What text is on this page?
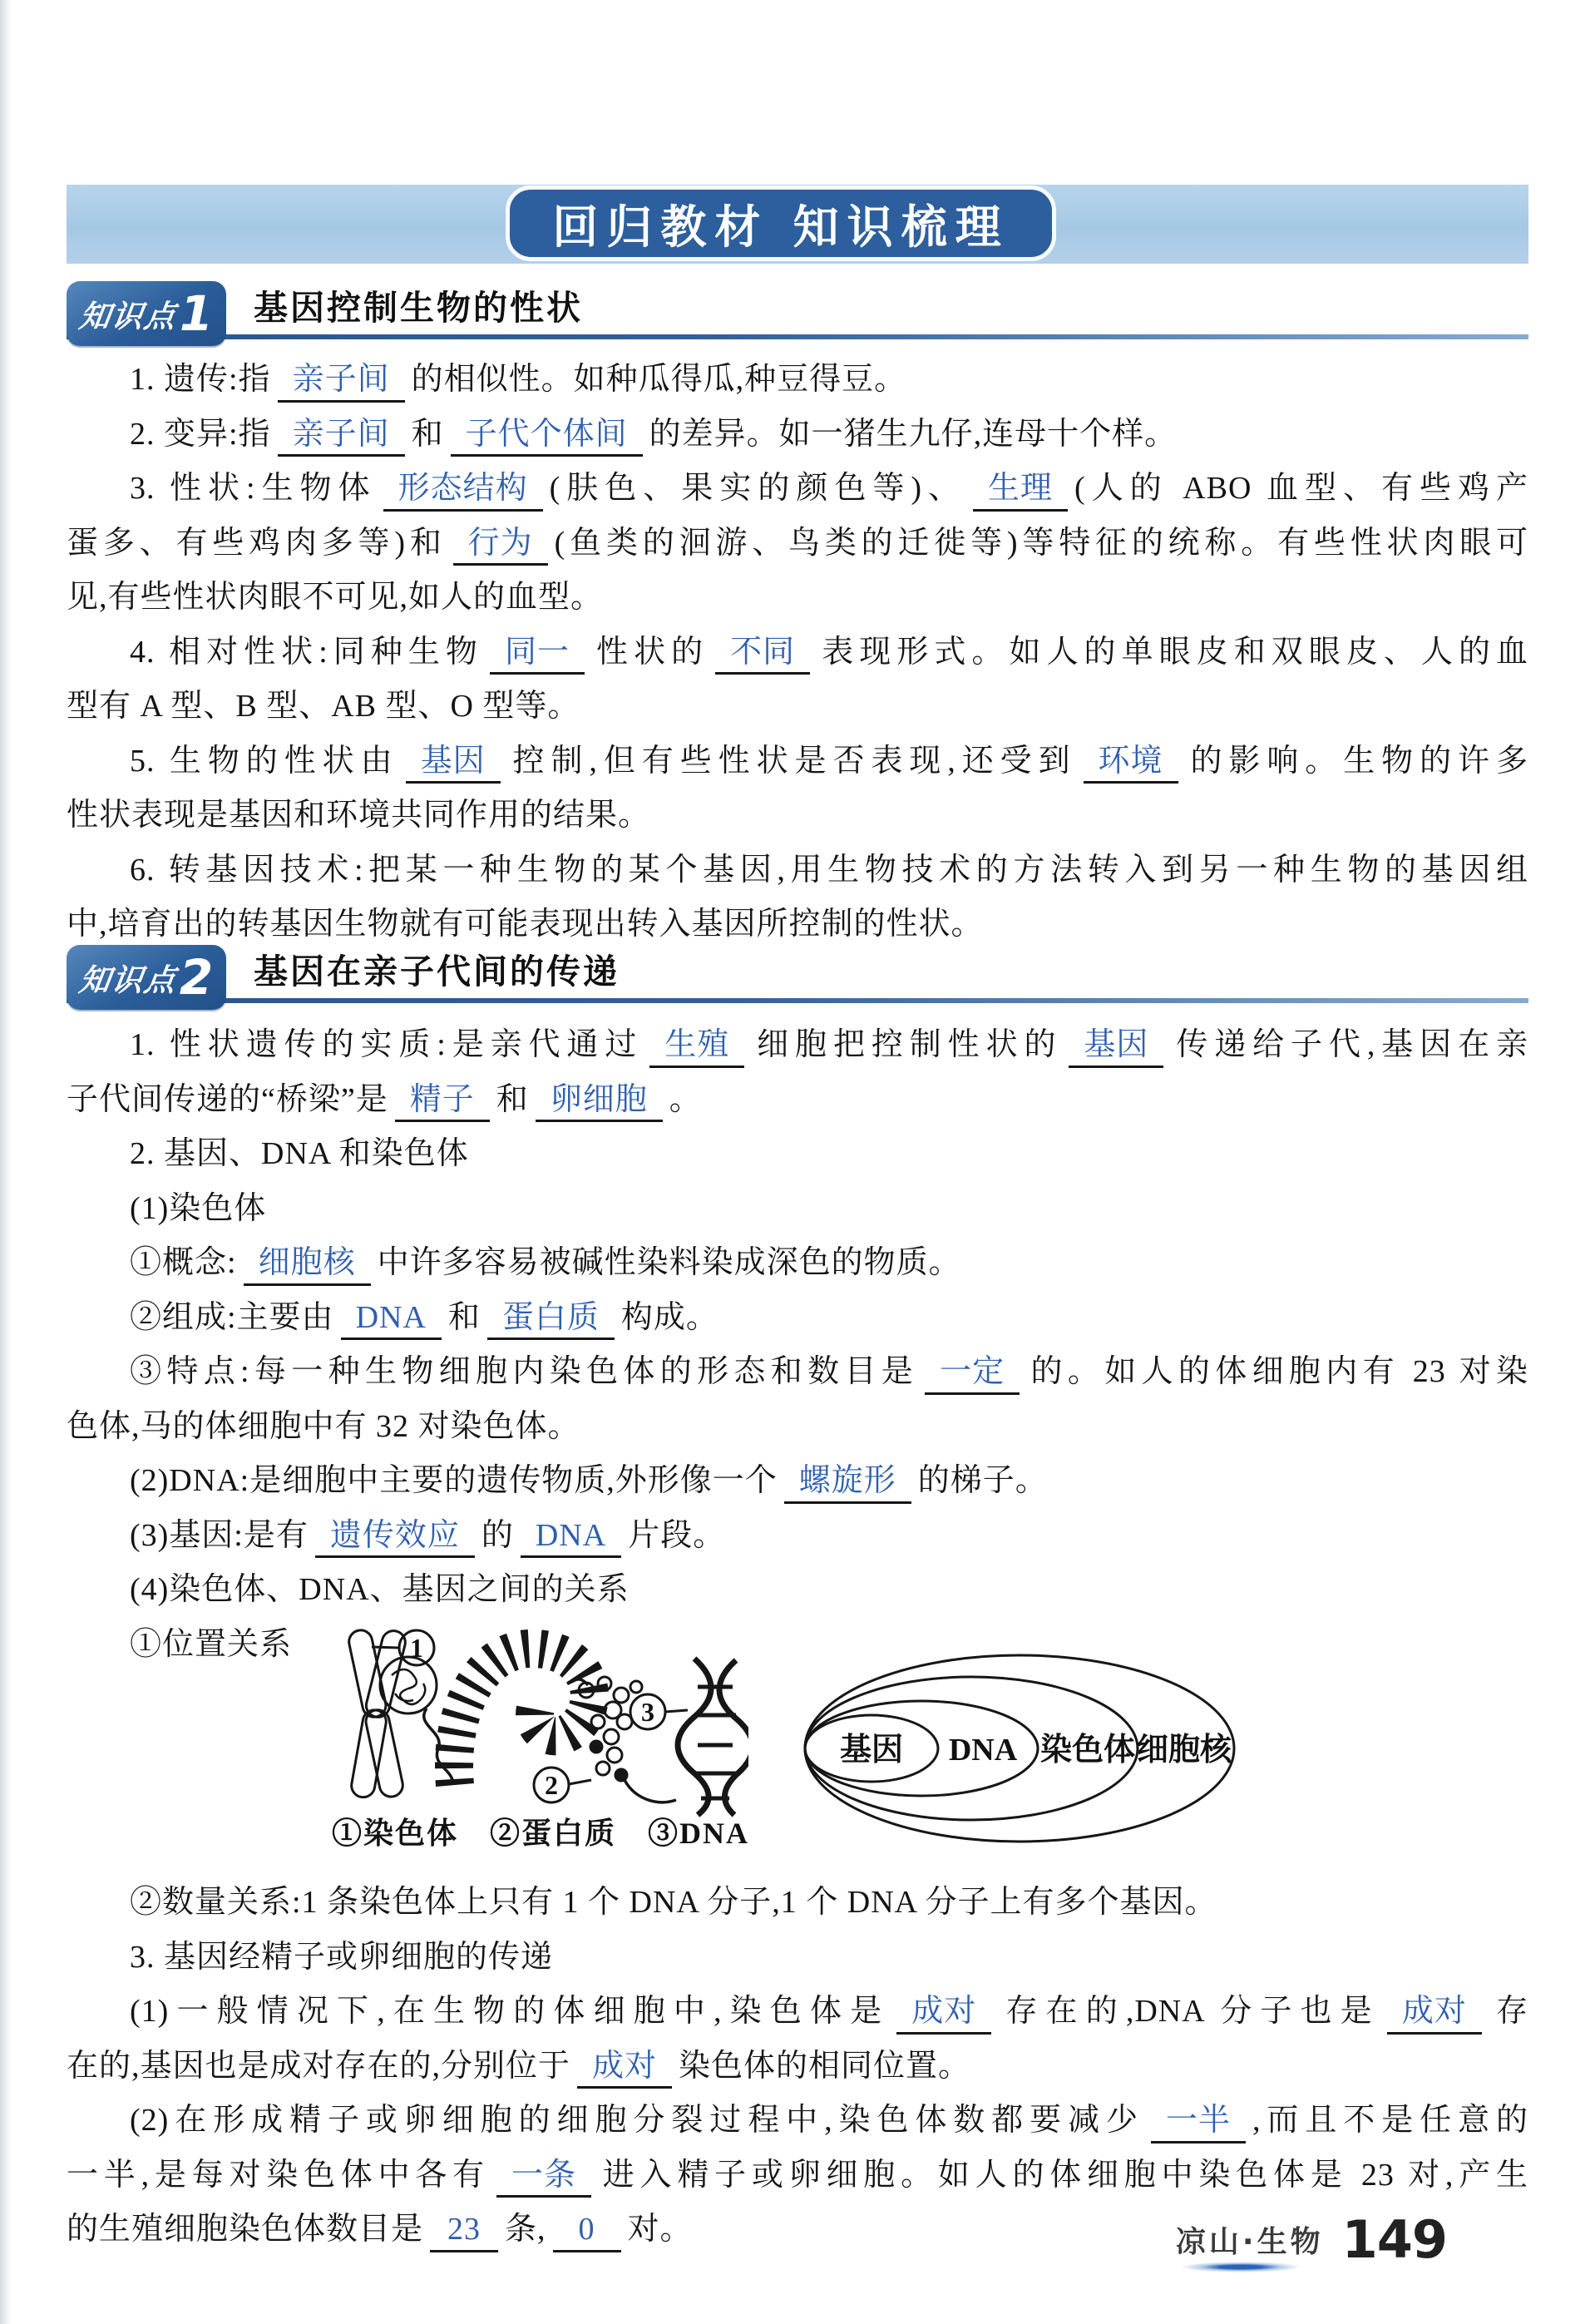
回归教材 知识梳理
知识点 1 基因控制生物的性状
1. 遗传:指 亲子间 的相似性。如种瓜得瓜,种豆得豆。
2. 变异:指 亲子间 和 子代个体间 的差异。如一猪生九仔,连母十个样。
3. 性状:生物体 形态结构 (肤色、果实的颜色等)、 生理 (人的 ABO 血型、有些鸡产
蛋多、有些鸡肉多等)和 行为 (鱼类的洄游、鸟类的迁徙等)等特征的统称。有些性状肉眼可
见,有些性状肉眼不可见,如人的血型。
4. 相对性状:同种生物 同一 性状的 不同 表现形式。如人的单眼皮和双眼皮、人的血
型有 A 型、B 型、AB 型、O 型等。
5. 生物的性状由 基因 控制,但有些性状是否表现,还受到 环境 的影响。生物的许多
性状表现是基因和环境共同作用的结果。
6. 转基因技术:把某一种生物的某个基因,用生物技术的方法转入到另一种生物的基因组
中,培育出的转基因生物就有可能表现出转入基因所控制的性状。
知识点 2 基因在亲子代间的传递
1. 性状遗传的实质:是亲代通过 生殖 细胞把控制性状的 基因 传递给子代,基因在亲
子代间传递的“桥梁”是 精子 和 卵细胞 。
2. 基因、DNA 和染色体
(1)染色体
①概念: 细胞核 中许多容易被碱性染料染成深色的物质。
②组成:主要由 DNA 和 蛋白质 构成。
③特点:每一种生物细胞内染色体的形态和数目是 一定 的。如人的体细胞内有 23 对染
色体,马的体细胞中有 32 对染色体。
(2)DNA:是细胞中主要的遗传物质,外形像一个 螺旋形 的梯子。
(3)基因:是有 遗传效应 的 DNA 片段。
(4)染色体、DNA、基因之间的关系
①位置关系	1
2
3
①染色体　②蛋白质　③DNA
基因 DNA 染色体 细胞核
②数量关系:1 条染色体上只有 1 个 DNA 分子,1 个 DNA 分子上有多个基因。
3. 基因经精子或卵细胞的传递
(1)一般情况下,在生物的体细胞中,染色体是 成对 存在的,DNA 分子也是 成对 存
在的,基因也是成对存在的,分别位于 成对 染色体的相同位置。
(2)在形成精子或卵细胞的细胞分裂过程中,染色体数都要减少 一半 ,而且不是任意的
一半,是每对染色体中各有 一条 进入精子或卵细胞。如人的体细胞中染色体是 23 对,产生
的生殖细胞染色体数目是 23 条, 0 对。	凉山·生物 149
